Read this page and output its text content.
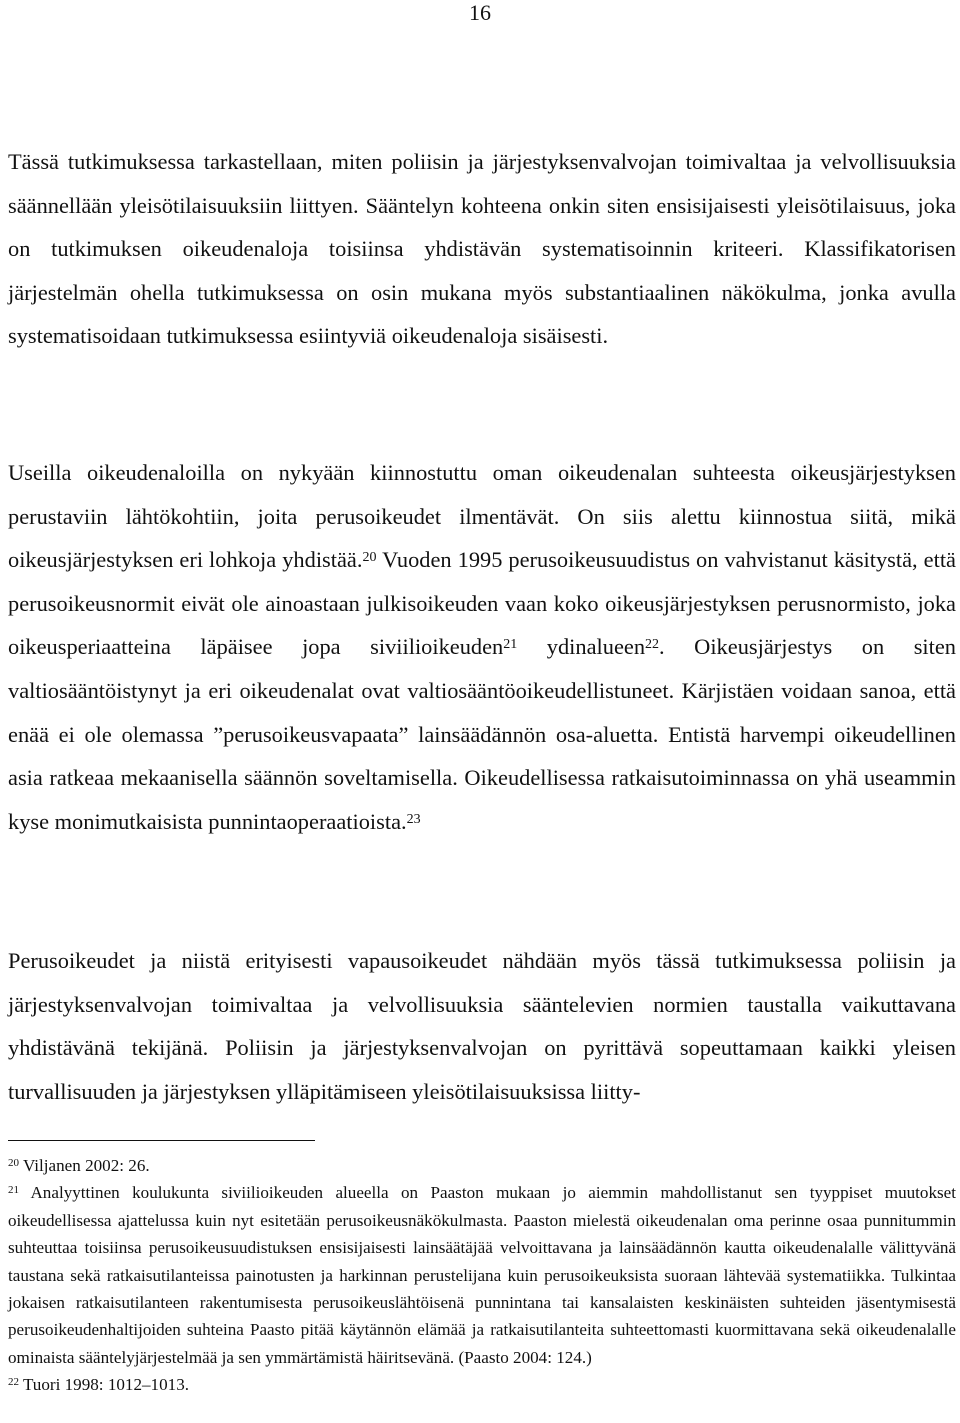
16

Tässä tutkimuksessa tarkastellaan, miten poliisin ja järjestyksenvalvojan toimivaltaa ja velvollisuuksia säännellään yleisötilaisuuksiin liittyen. Sääntelyn kohteena onkin siten ensisijaisesti yleisötilaisuus, joka on tutkimuksen oikeudenaloja toisiinsa yhdistävän systematisoinnin kriteeri. Klassifikatorisen järjestelmän ohella tutkimuksessa on osin mukana myös substantiaalinen näkökulma, jonka avulla systematisoidaan tutkimuksessa esiintyviä oikeudenaloja sisäisesti.

Useilla oikeudenaloilla on nykyään kiinnostuttu oman oikeudenalan suhteesta oikeusjärjestyksen perustaviin lähtökohtiin, joita perusoikeudet ilmentävät. On siis alettu kiinnostua siitä, mikä oikeusjärjestyksen eri lohkoja yhdistää.$^{20}$ Vuoden 1995 perusoikeusuudistus on vahvistanut käsitystä, että perusoikeusnormit eivät ole ainoastaan julkisoikeuden vaan koko oikeusjärjestyksen perusnormisto, joka oikeusperiaatteina läpäisee jopa siviilioikeuden$^{21}$ ydinalueen$^{22}$. Oikeusjärjestys on siten valtiosääntöistynyt ja eri oikeudenalat ovat valtiosääntöoikeudellistuneet. Kärjistäen voidaan sanoa, että enää ei ole olemassa ”perusoikeusvapaata” lainsäädännön osa-aluetta. Entistä harvempi oikeudellinen asia ratkeaa mekaanisella säännön soveltamisella. Oikeudellisessa ratkaisutoiminnassa on yhä useammin kyse monimutkaisista punnintaoperaatioista.$^{23}$

Perusoikeudet ja niistä erityisesti vapausoikeudet nähdään myös tässä tutkimuksessa poliisin ja järjestyksenvalvojan toimivaltaa ja velvollisuuksia sääntelevien normien taustalla vaikuttavana yhdistävänä tekijänä. Poliisin ja järjestyksenvalvojan on pyrittävä sopeuttamaan kaikki yleisen turvallisuuden ja järjestyksen ylläpitämiseen yleisötilaisuuksissa liitty-

$^{20}$ Viljanen 2002: 26.

$^{21}$ Analyyttinen koulukunta siviilioikeuden alueella on Paaston mukaan jo aiemmin mahdollistanut sen tyyppiset muutokset oikeudellisessa ajattelussa kuin nyt esitetään perusoikeusnäkökulmasta. Paaston mielestä oikeudenalan oma perinne osaa punnitummin suhteuttaa toisiinsa perusoikeusuudistuksen ensisijaisesti lainsäätäjää velvoittavana ja lainsäädännön kautta oikeudenalalle välittyvänä taustana sekä ratkaisutilanteissa painotusten ja harkinnan perustelijana kuin perusoikeuksista suoraan lähtevää systematiikka. Tulkintaa jokaisen ratkaisutilanteen rakentumisesta perusoikeuslähtöisenä punnintana tai kansalaisten keskinäisten suhteiden jäsentymisestä perusoikeudenhaltijoiden suhteina Paasto pitää käytännön elämää ja ratkaisutilanteita suhteettomasti kuormittavana sekä oikeudenalalle ominaista sääntelyjärjestelmää ja sen ymmärtämistä häiritsevänä. (Paasto 2004: 124.)

$^{22}$ Tuori 1998: 1012–1013.
